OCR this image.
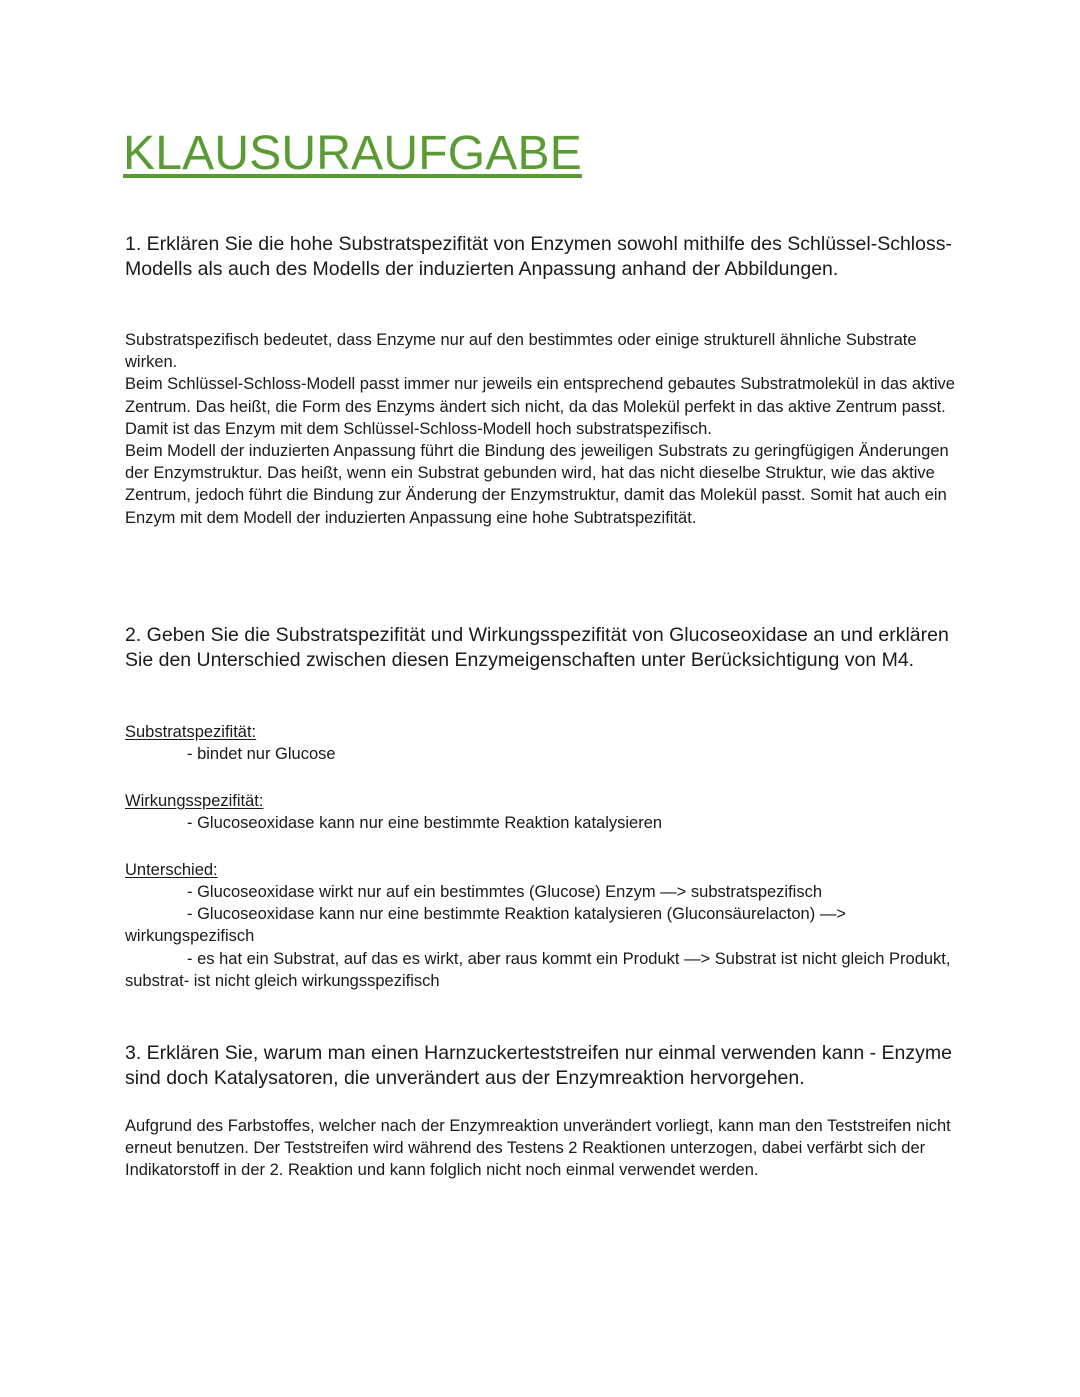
KLAUSURAUFGABE
1. Erklären Sie die hohe Substratspezifität von Enzymen sowohl mithilfe des Schlüssel-Schloss-Modells als auch des Modells der induzierten Anpassung anhand der Abbildungen.

Substratspezifisch bedeutet, dass Enzyme nur auf den bestimmtes oder einige strukturell ähnliche Substrate wirken.

Beim Schlüssel-Schloss-Modell passt immer nur jeweils ein entsprechend gebautes Substratmolekül in das aktive Zentrum. Das heißt, die Form des Enzyms ändert sich nicht, da das Molekül perfekt in das aktive Zentrum passt. Damit ist das Enzym mit dem Schlüssel-Schloss-Modell hoch substratspezifisch.

Beim Modell der induzierten Anpassung führt die Bindung des jeweiligen Substrats zu geringfügigen Änderungen der Enzymstruktur. Das heißt, wenn ein Substrat gebunden wird, hat das nicht dieselbe Struktur, wie das aktive Zentrum, jedoch führt die Bindung zur Änderung der Enzymstruktur, damit das Molekül passt. Somit hat auch ein Enzym mit dem Modell der induzierten Anpassung eine hohe Subtratspezifität.

2. Geben Sie die Substratspezifität und Wirkungsspezifität von Glucoseoxidase an und erklären Sie den Unterschied zwischen diesen Enzymeigenschaften unter Berücksichtigung von M4.
Substratspezifität:
- bindet nur Glucose
Wirkungsspezifität:
- Glucoseoxidase kann nur eine bestimmte Reaktion katalysieren
Unterschied:
- Glucoseoxidase wirkt nur auf ein bestimmtes (Glucose) Enzym —> substratspezifisch
- Glucoseoxidase kann nur eine bestimmte Reaktion katalysieren (Gluconsäurelacton) —> wirkungspezifisch
- es hat ein Substrat, auf das es wirkt, aber raus kommt ein Produkt —> Substrat ist nicht gleich Produkt, substrat- ist nicht gleich wirkungsspezifisch
3. Erklären Sie, warum man einen Harnzuckerteststreifen nur einmal verwenden kann - Enzyme sind doch Katalysatoren, die unverändert aus der Enzymreaktion hervorgehen.

Aufgrund des Farbstoffes, welcher nach der Enzymreaktion unverändert vorliegt, kann man den Teststreifen nicht erneut benutzen. Der Teststreifen wird während des Testens 2 Reaktionen unterzogen, dabei verfärbt sich der Indikatorstoff in der 2. Reaktion und kann folglich nicht noch einmal verwendet werden.
